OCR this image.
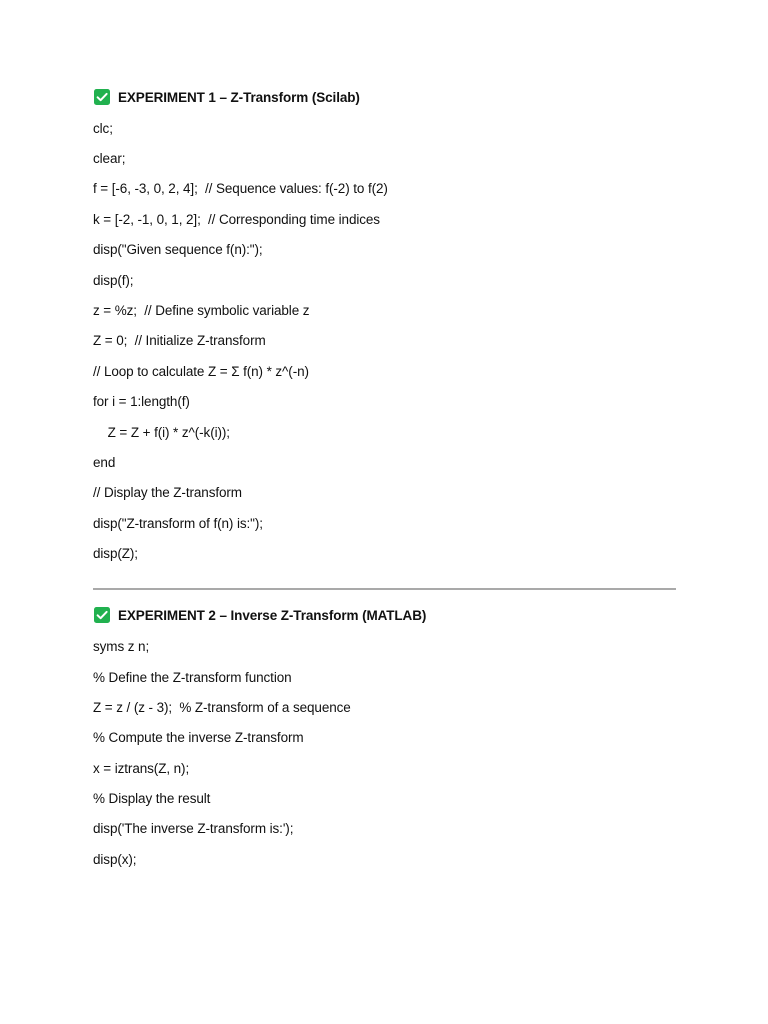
EXPERIMENT 1 – Z-Transform (Scilab)
clc;
clear;
f = [-6, -3, 0, 2, 4];  // Sequence values: f(-2) to f(2)
k = [-2, -1, 0, 1, 2];  // Corresponding time indices
disp("Given sequence f(n):");
disp(f);
z = %z;  // Define symbolic variable z
Z = 0;  // Initialize Z-transform
// Loop to calculate Z = Σ f(n) * z^(-n)
for i = 1:length(f)
Z = Z + f(i) * z^(-k(i));
end
// Display the Z-transform
disp("Z-transform of f(n) is:");
disp(Z);
EXPERIMENT 2 – Inverse Z-Transform (MATLAB)
syms z n;
% Define the Z-transform function
Z = z / (z - 3);  % Z-transform of a sequence
% Compute the inverse Z-transform
x = iztrans(Z, n);
% Display the result
disp('The inverse Z-transform is:');
disp(x);
